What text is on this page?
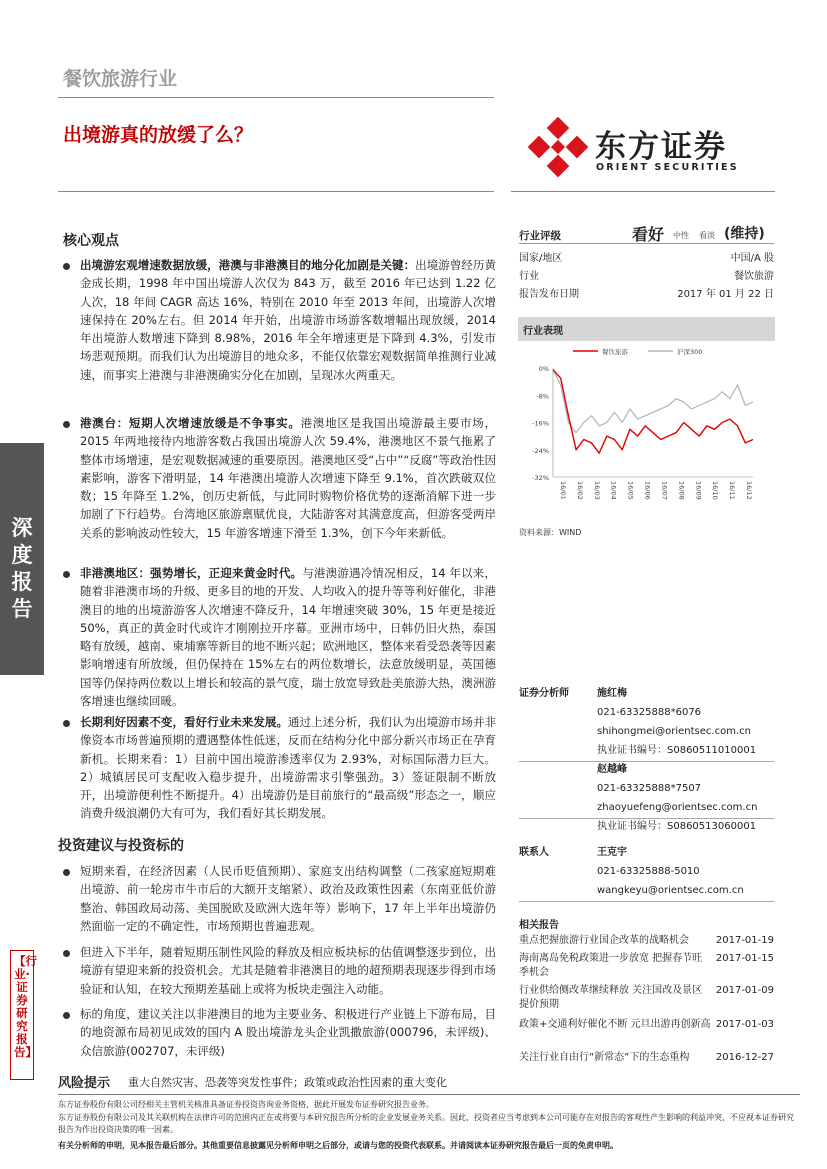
餐饮旅游行业
出境游真的放缓了么？	东方证券
ORIENT SECURITIES
深度报告
【行业·证券研究报告】
核心观点
出境游宏观增速数据放缓，港澳与非港澳目的地分化加剧是关键：出境游曾经历黄金成长期，1998 年中国出境游人次仅为 843 万，截至 2016 年已达到 1.22 亿人次，18 年间 CAGR 高达 16%，特别在 2010 年至 2013 年间，出境游人次增速保持在 20%左右。但 2014 年开始，出境游市场游客数增幅出现放缓，2014 年出境游人数增速下降到 8.98%，2016 年全年增速更是下降到 4.3%，引发市场悲观预期。而我们认为出境游目的地众多，不能仅依靠宏观数据简单推测行业减速，而事实上港澳与非港澳确实分化在加剧，呈现冰火两重天。
港澳台：短期人次增速放缓是不争事实。港澳地区是我国出境游最主要市场，2015 年两地接待内地游客数占我国出境游人次 59.4%，港澳地区不景气拖累了整体市场增速，是宏观数据减速的重要原因。港澳地区受“占中”“反腐”等政治性因素影响，游客下滑明显，14 年港澳出境游人次增速下降至 9.1%，首次跌破双位数；15 年降至 1.2%，创历史新低，与此同时购物价格优势的逐渐消解下进一步加剧了下行趋势。台湾地区旅游禀赋优良，大陆游客对其满意度高，但游客受两岸关系的影响波动性较大，15 年游客增速下滑至 1.3%，创下今年来新低。
非港澳地区：强势增长，正迎来黄金时代。与港澳游遇冷情况相反，14 年以来，随着非港澳市场的升级、更多目的地的开发、人均收入的提升等等利好催化，非港澳目的地的出境游游客人次增速不降反升，14 年增速突破 30%，15 年更是接近 50%，真正的黄金时代或许才刚刚拉开序幕。亚洲市场中，日韩仍旧火热，泰国略有放缓，越南、柬埔寨等新目的地不断兴起；欧洲地区，整体来看受恐袭等因素影响增速有所放缓，但仍保持在 15%左右的两位数增长，法意放缓明显，英国德国等仍保持两位数以上增长和较高的景气度，瑞士放宽导致赴美旅游大热，澳洲游客增速也继续回暖。
长期利好因素不变，看好行业未来发展。通过上述分析，我们认为出境游市场并非像资本市场普遍预期的遭遇整体性低迷，反而在结构分化中部分新兴市场正在孕育新机。长期来看：1）目前中国出境游渗透率仅为 2.93%，对标国际潜力巨大。2）城镇居民可支配收入稳步提升，出境游需求引擎强劲。3）签证限制不断放开，出境游便利性不断提升。4）出境游仍是目前旅行的“最高级”形态之一，顺应消费升级浪潮仍大有可为，我们看好其长期发展。
投资建议与投资标的
短期来看，在经济因素（人民币贬值预期）、家庭支出结构调整（二孩家庭短期难出境游、前一轮房市牛市后的大额开支缩紧）、政治及政策性因素（东南亚低价游整治、韩国政局动荡、美国脱欧及欧洲大选年等）影响下，17 年上半年出境游仍然面临一定的不确定性，市场预期也普遍悲观。
但进入下半年，随着短期压制性风险的释放及相应板块标的估值调整逐步到位，出境游有望迎来新的投资机会。尤其是随着非港澳目的地的超预期表现逐步得到市场验证和认知，在较大预期差基础上或将为板块走强注入动能。
标的角度，建议关注以非港澳目的地为主要业务、积极进行产业链上下游布局，目的地资源布局初见成效的国内 A 股出境游龙头企业凯撒旅游(000796，未评级)、众信旅游(002707，未评级)
风险提示 重大自然灾害、恐袭等突发性事件；政策或政治性因素的重大变化
行业评级	看好 中性 看淡 (维持)
国家/地区	中国/A 股
行业	餐饮旅游
报告发布日期	2017 年 01 月 22 日
行业表现
0%
-8%
-16%
-24%
-32%
16/01 16/02 16/03 16/04 16/05 16/06 16/07 16/08 16/09 16/10 16/11 16/12
餐饮旅游	沪深300
资料来源：WIND
证券分析师	施红梅
021-63325888*6076
shihongmei@orientsec.com.cn
执业证书编号：S0860511010001
赵越峰
021-63325888*7507
zhaoyuefeng@orientsec.com.cn
执业证书编号：S0860513060001
联系人	王克宇
021-63325888-5010
wangkeyu@orientsec.com.cn
相关报告
重点把握旅游行业国企改革的战略机会	2017-01-19
海南离岛免税政策进一步放宽 把握春节旺季机会
2017-01-15
行业供给侧改革继续释放 关注国改及景区提价预期
2017-01-09
政策+交通利好催化不断 元旦出游再创新高 2017-01-03
关注行业自由行“新常态”下的生态重构	2016-12-27
东方证券股份有限公司经相关主管机关核准具备证券投资咨询业务资格，据此开展发布证券研究报告业务。
东方证券股份有限公司及其关联机构在法律许可的范围内正在或将要与本研究报告所分析的企业发展业务关系。因此，投资者应当考虑到本公司可能存在对报告的客观性产生影响的利益冲突，不应视本证券研究报告为作出投资决策的唯一因素。
有关分析师的申明，见本报告最后部分。其他重要信息披露见分析师申明之后部分，或请与您的投资代表联系。并请阅读本证券研究报告最后一页的免责申明。
